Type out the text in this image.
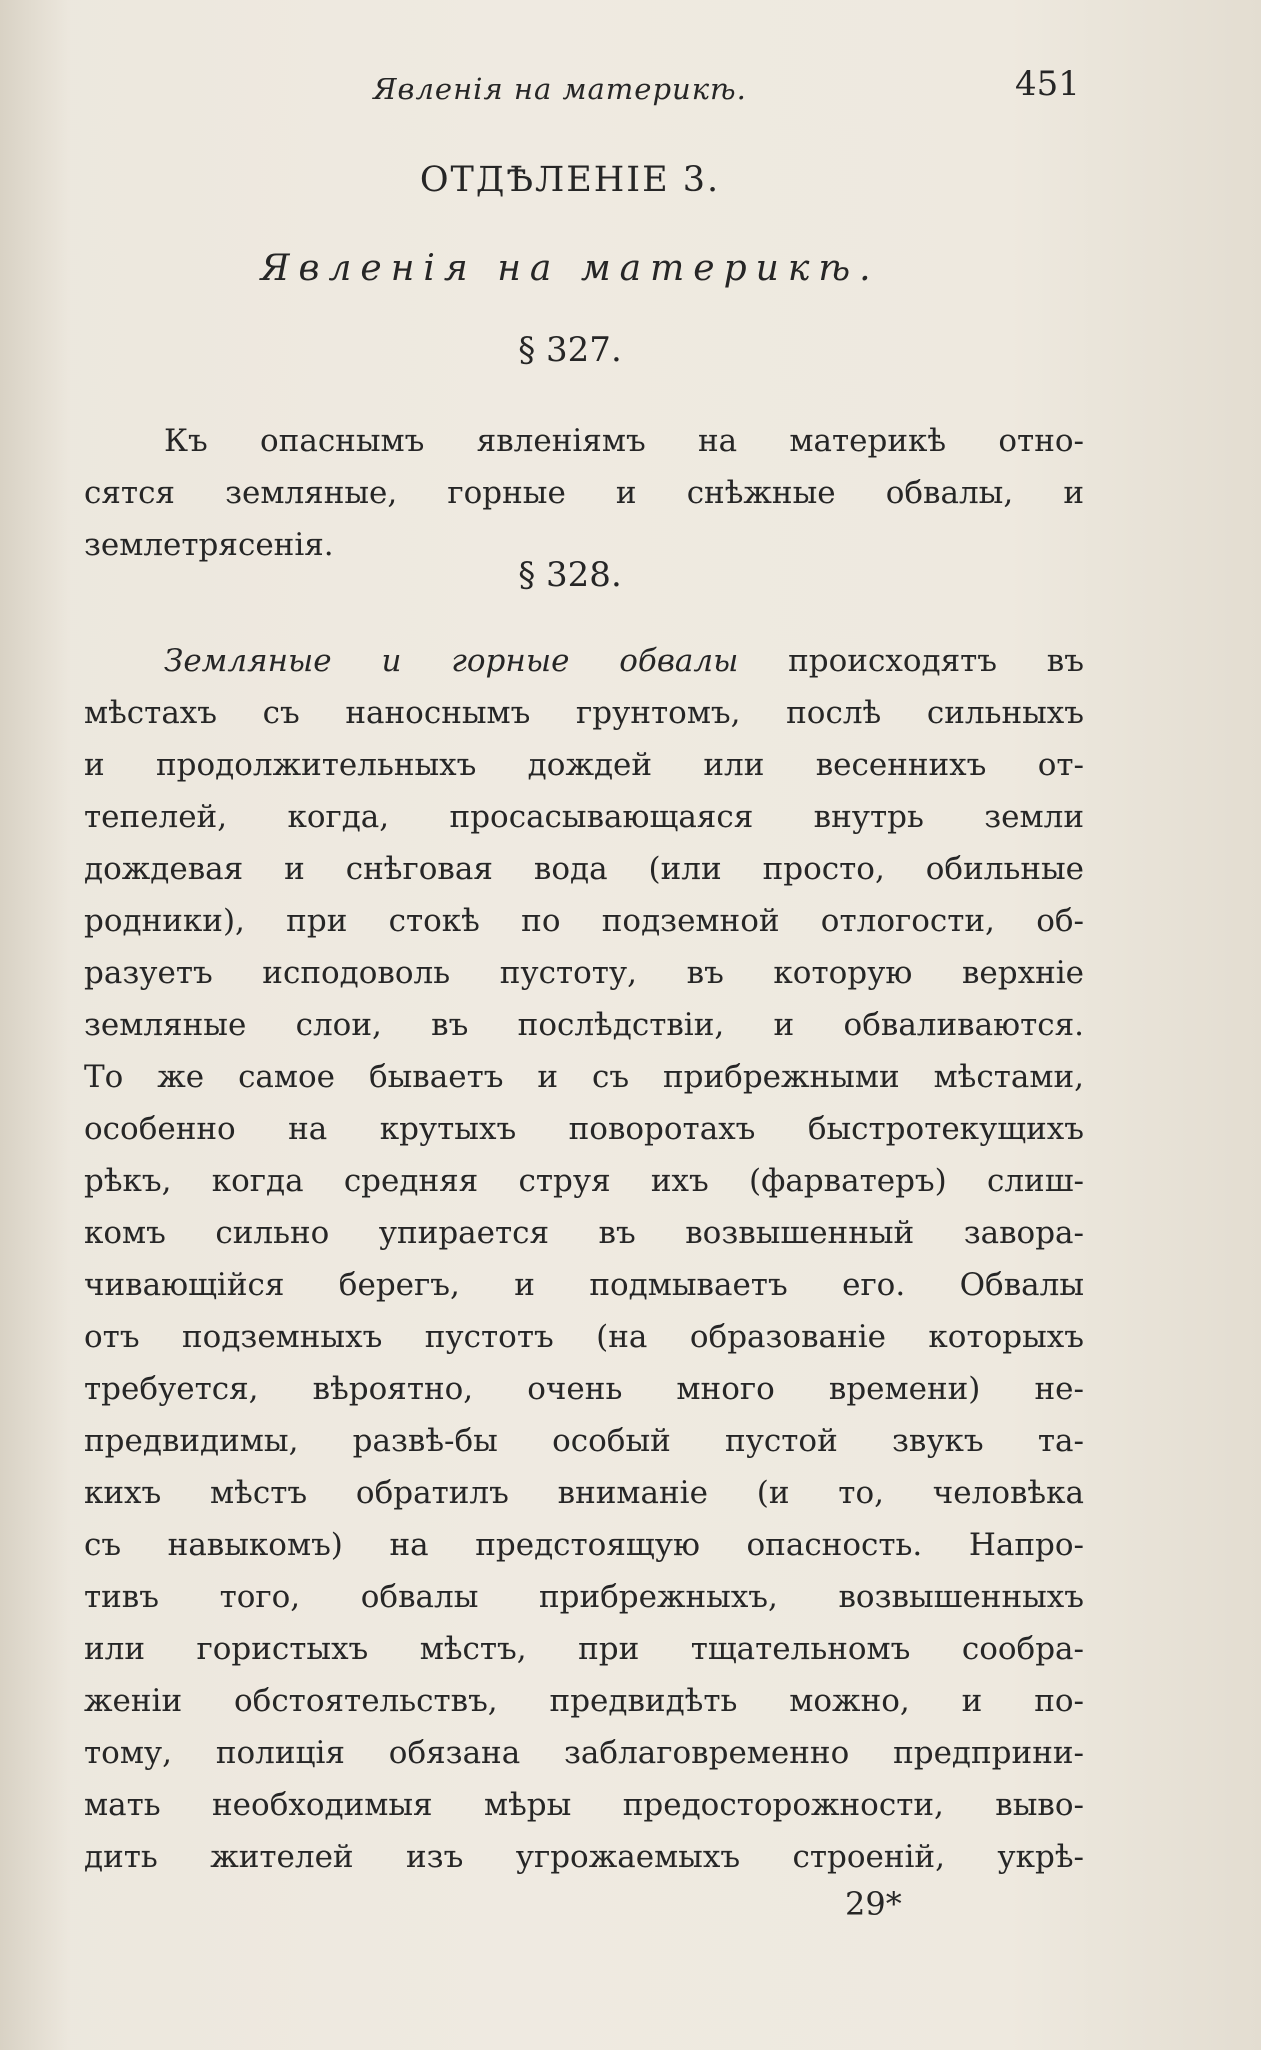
Явленія на материкѣ.	451
ОТДѢЛЕНІЕ 3.
Явленія на материкѣ.
§ 327.
Къ опаснымъ явленіямъ на материкѣ отно-
сятся земляные, горные и снѣжные обвалы, и
землетрясенія.
§ 328.
Земляные и горные обвалы происходятъ въ
мѣстахъ съ наноснымъ грунтомъ, послѣ сильныхъ
и продолжительныхъ дождей или весеннихъ от-
тепелей, когда, просасывающаяся внутрь земли
дождевая и снѣговая вода (или просто, обильные
родники), при стокѣ по подземной отлогости, об-
разуетъ исподоволь пустоту, въ которую верхніе
земляные слои, въ послѣдствіи, и обваливаются.
То же самое бываетъ и съ прибрежными мѣстами,
особенно на крутыхъ поворотахъ быстротекущихъ
рѣкъ, когда средняя струя ихъ (фарватеръ) слиш-
комъ сильно упирается въ возвышенный завора-
чивающійся берегъ, и подмываетъ его. Обвалы
отъ подземныхъ пустотъ (на образованіе которыхъ
требуется, вѣроятно, очень много времени) не-
предвидимы, развѣ-бы особый пустой звукъ та-
кихъ мѣстъ обратилъ вниманіе (и то, человѣка
съ навыкомъ) на предстоящую опасность. Напро-
тивъ того, обвалы прибрежныхъ, возвышенныхъ
или гористыхъ мѣстъ, при тщательномъ сообра-
женіи обстоятельствъ, предвидѣть можно, и по-
тому, полиція обязана заблаговременно предприни-
мать необходимыя мѣры предосторожности, выво-
дить жителей изъ угрожаемыхъ строеній, укрѣ-
29*
